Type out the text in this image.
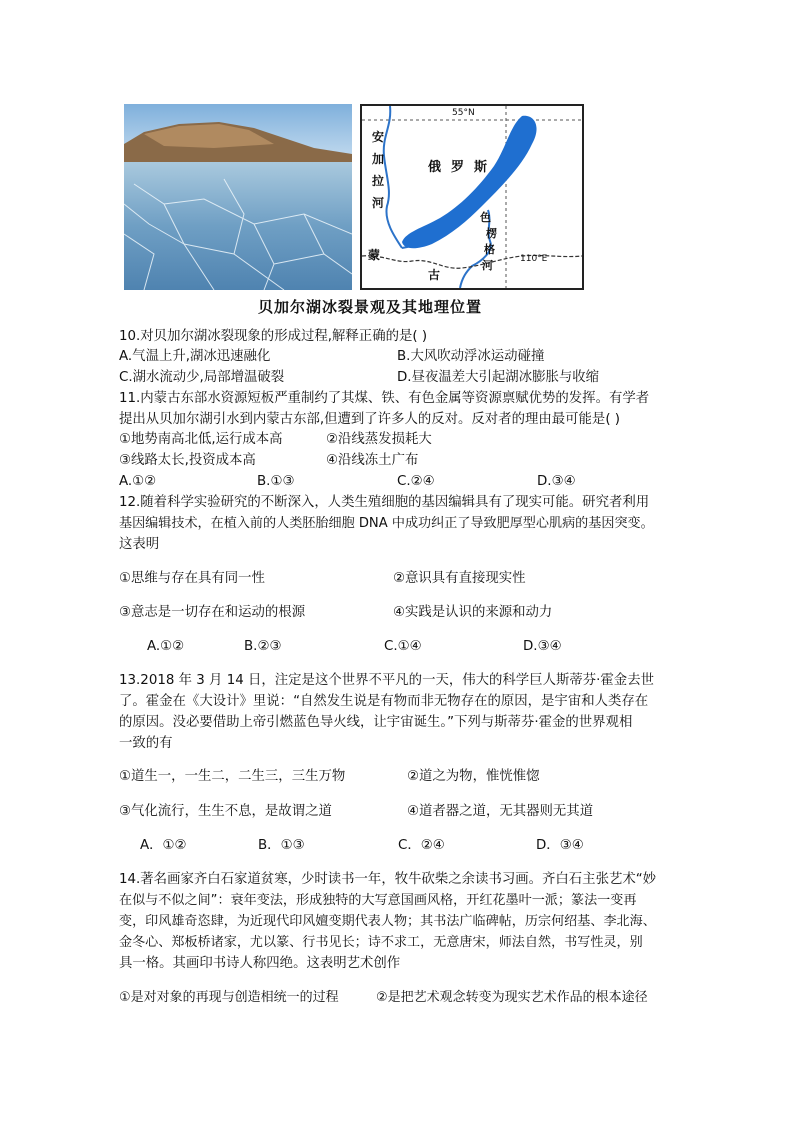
55°N
110°E
安
加
拉
河
俄罗斯
色
楞
格
河
蒙
古
贝加尔湖冰裂景观及其地理位置
10.对贝加尔湖冰裂现象的形成过程,解释正确的是( )
A.气温上升,湖冰迅速融化	B.大风吹动浮冰运动碰撞
C.湖水流动少,局部增温破裂	D.昼夜温差大引起湖冰膨胀与收缩
11.内蒙古东部水资源短板严重制约了其煤、铁、有色金属等资源禀赋优势的发挥。有学者
提出从贝加尔湖引水到内蒙古东部,但遭到了许多人的反对。反对者的理由最可能是( )
①地势南高北低,运行成本高	②沿线蒸发损耗大
③线路太长,投资成本高	④沿线冻土广布
A.①②	B.①③	C.②④	D.③④
12.随着科学实验研究的不断深入，人类生殖细胞的基因编辑具有了现实可能。研究者利用
基因编辑技术，在植入前的人类胚胎细胞 DNA 中成功纠正了导致肥厚型心肌病的基因突变。
这表明
①思维与存在具有同一性	②意识具有直接现实性
③意志是一切存在和运动的根源	④实践是认识的来源和动力
A.①②	B.②③	C.①④	D.③④
13.2018 年 3 月 14 日，注定是这个世界不平凡的一天，伟大的科学巨人斯蒂芬·霍金去世
了。霍金在《大设计》里说：“自然发生说是有物而非无物存在的原因，是宇宙和人类存在
的原因。没必要借助上帝引燃蓝色导火线，让宇宙诞生。”下列与斯蒂芬·霍金的世界观相
一致的有
①道生一，一生二，二生三，三生万物	②道之为物，惟恍惟惚
③气化流行，生生不息，是故谓之道	④道者器之道，无其器则无其道
A．①②	B．①③	C．②④	D．③④
14.著名画家齐白石家道贫寒，少时读书一年，牧牛砍柴之余读书习画。齐白石主张艺术“妙
在似与不似之间”：衰年变法，形成独特的大写意国画风格，开红花墨叶一派；篆法一变再
变，印风雄奇恣肆，为近现代印风嬗变期代表人物；其书法广临碑帖，历宗何绍基、李北海、
金冬心、郑板桥诸家，尤以篆、行书见长；诗不求工，无意唐宋，师法自然，书写性灵，别
具一格。其画印书诗人称四绝。这表明艺术创作
①是对对象的再现与创造相统一的过程	②是把艺术观念转变为现实艺术作品的根本途径
